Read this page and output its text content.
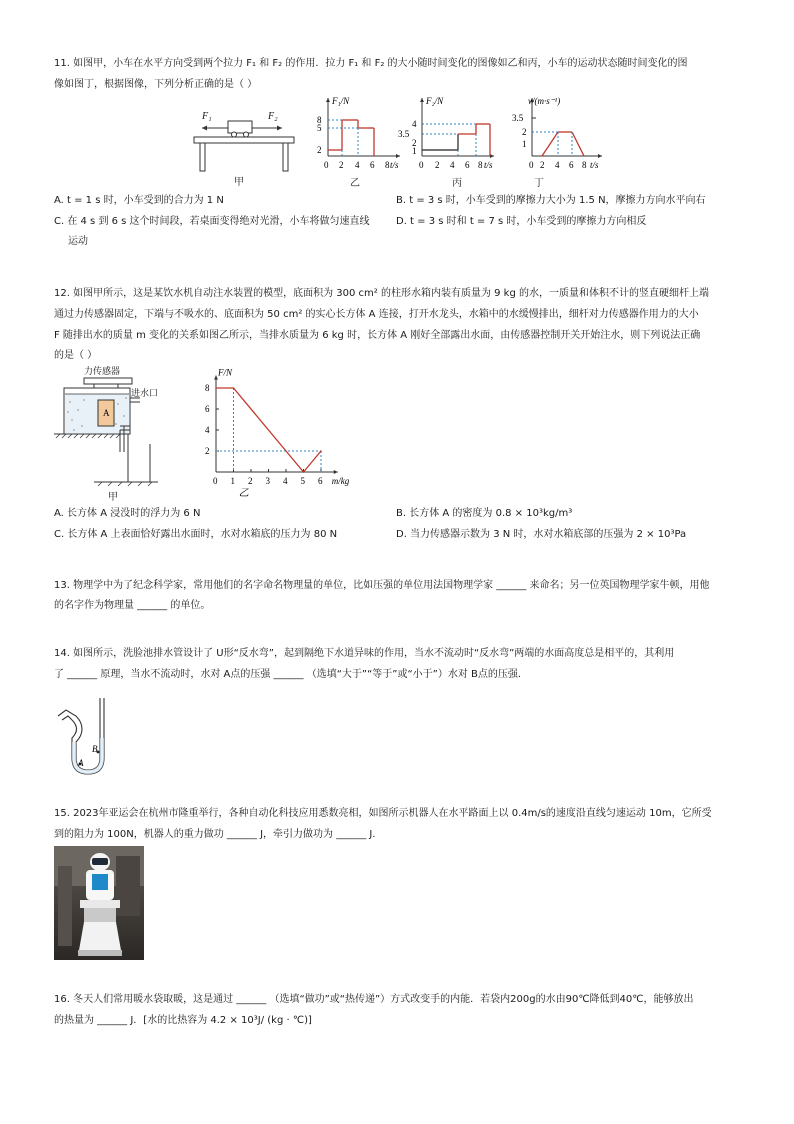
11. 如图甲，小车在水平方向受到两个拉力 F₁ 和 F₂ 的作用．拉力 F₁ 和 F₂ 的大小随时间变化的图像如乙和丙，小车的运动状态随时间变化的图
像如图丁，根据图像，下列分析正确的是（ ）
F₁	F₂
甲
8
5
2
0 2 4 6 8
F₁/N
t/s
乙
4
3.5
2
1
0 2 4 6 8
F₂/N
t/s
丙
3.5
2
1
0 2 4 6 8
v/(m·s⁻¹)
t/s
丁
A. t = 1 s 时，小车受到的合力为 1 N	B. t = 3 s 时，小车受到的摩擦力大小为 1.5 N，摩擦力方向水平向右
C. 在 4 s 到 6 s 这个时间段，若桌面变得绝对光滑，小车将做匀速直线
运动
D. t = 3 s 时和 t = 7 s 时，小车受到的摩擦力方向相反
12. 如图甲所示，这是某饮水机自动注水装置的模型，底面积为 300 cm² 的柱形水箱内装有质量为 9 kg 的水，一质量和体积不计的竖直硬细杆上端
通过力传感器固定，下端与不吸水的、底面积为 50 cm² 的实心长方体 A 连接，打开水龙头，水箱中的水缓慢排出，细杆对力传感器作用力的大小
F 随排出水的质量 m 变化的关系如图乙所示，当排水质量为 6 kg 时，长方体 A 刚好全部露出水面，由传感器控制开关开始注水，则下列说法正确
的是（ ）
A
力传感器
进水口
甲
0 1 2 3 4 5 6
2
4
6
8
F/N
m/kg
乙
A. 长方体 A 浸没时的浮力为 6 N	B. 长方体 A 的密度为 0.8 × 10³kg/m³
C. 长方体 A 上表面恰好露出水面时，水对水箱底的压力为 80 N	D. 当力传感器示数为 3 N 时，水对水箱底部的压强为 2 × 10³Pa
13. 物理学中为了纪念科学家，常用他们的名字命名物理量的单位，比如压强的单位用法国物理学家 ______ 来命名；另一位英国物理学家牛顿，用他
的名字作为物理量 ______ 的单位。
14. 如图所示，洗脸池排水管设计了 U形“反水弯”，起到隔绝下水道异味的作用，当水不流动时“反水弯”两端的水面高度总是相平的，其利用
了 ______ 原理，当水不流动时，水对 A点的压强 ______ （选填“大于”“等于”或“小于”）水对 B点的压强．
B
A
15. 2023年亚运会在杭州市隆重举行，各种自动化科技应用悉数亮相，如图所示机器人在水平路面上以 0.4m/s的速度沿直线匀速运动 10m，它所受
到的阻力为 100N，机器人的重力做功 ______ J，牵引力做功为 ______ J．
16. 冬天人们常用暖水袋取暖，这是通过 ______ （选填“做功”或“热传递”）方式改变手的内能．若袋内200g的水由90℃降低到40℃，能够放出
的热量为 ______ J．[水的比热容为 4.2 × 10³J/ (kg · ℃)]
